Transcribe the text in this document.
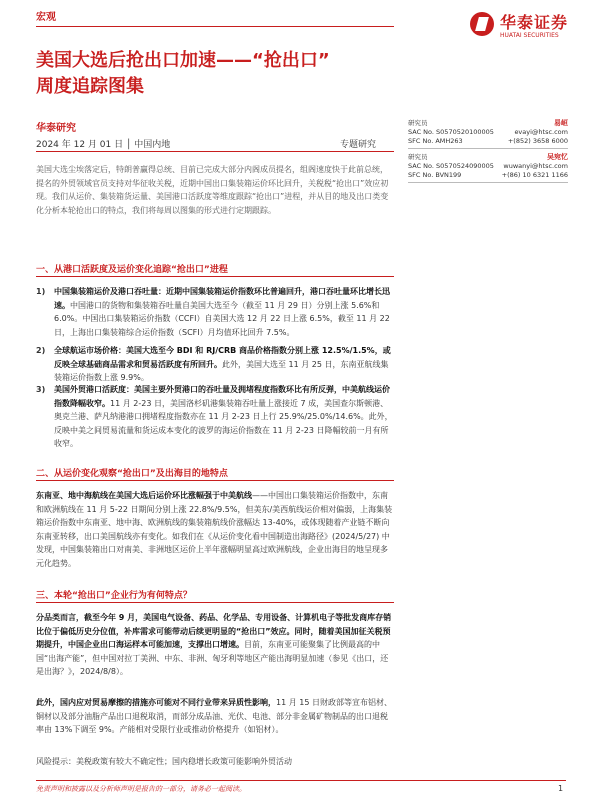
宏观	华泰证券
HUATAI SECURITIES
美国大选后抢出口加速——“抢出口”
周度追踪图集
华泰研究
2024 年 12 月 01 日 │ 中国内地	专题研究
研究员	易峘
SAC No. S0570520100005
SFC No. AMH263
evayi@htsc.com
+(852) 3658 6000
研究员	吴宛忆
SAC No. S0570524090005
SFC No. BVN199
wuwanyi@htsc.com
+(86) 10 6321 1166
美国大选尘埃落定后，特朗普赢得总统、目前已完成大部分内阁成员提名，组阁速度快于此前总统，提名的外贸领域官员支持对华征收关税，近期中国出口集装箱运价环比回升，关税税“抢出口”效应初现。我们从运价、集装箱货运量、美国港口活跃度等维度跟踪“抢出口”进程，并从目的地及出口类变化分析本轮抢出口的特点，我们将每周以图集的形式进行定期跟踪。
一、从港口活跃度及运价变化追踪“抢出口”进程
1) 中国集装箱运价及港口吞吐量：近期中国集装箱运价指数环比普遍回升，港口吞吐量环比增长迅速。中国港口的货物和集装箱吞吐量自美国大选至今（截至 11 月 29 日）分别上涨 5.6%和 6.0%。中国出口集装箱运价指数（CCFI）自美国大选 12 月 22 日上涨 6.5%，截至 11 月 22 日，上海出口集装箱综合运价指数（SCFI）月均值环比回升 7.5%。
2) 全球航运市场价格：美国大选至今 BDI 和 RJ/CRB 商品价格指数分别上涨 12.5%/1.5%，或反映全球基础商品需求和贸易活跃度有所回升。此外，美国大选至 11 月 25 日，东南亚航线集装箱运价指数上涨 9.9%。
3) 美国外贸港口活跃度：美国主要外贸港口的吞吐量及拥堵程度指数环比有所反弹，中美航线运价指数降幅收窄。11 月 2-23 日，美国洛杉矶港集装箱吞吐量上涨接近 7 成，美国查尔斯顿港、奥克兰港、萨凡纳港港口拥堵程度指数亦在 11 月 2-23 日上行 25.9%/25.0%/14.6%。此外，反映中美之间贸易流量和货运成本变化的波罗的海运价指数在 11 月 2-23 日降幅较前一月有所收窄。
二、从运价变化观察“抢出口”及出海目的地特点
东南亚、地中海航线在美国大选后运价环比涨幅强于中美航线——中国出口集装箱运价指数中，东南和欧洲航线在 11 月 5-22 日期间分别上涨 22.8%/9.5%，但美东/美西航线运价相对偏弱，上海集装箱运价指数中东南亚、地中海、欧洲航线的集装箱航线价涨幅达 13-40%，或体现随着产业链不断向东南亚转移，出口美国航线亦有变化。如我们在《从运价变化看中国制造出海路径》(2024/5/27) 中发现，中国集装箱出口对南美、非洲地区运价上半年涨幅明显高过欧洲航线，企业出海目的地呈现多元化趋势。
三、本轮“抢出口”企业行为有何特点？
分品类而言，截至今年 9 月，美国电气设备、药品、化学品、专用设备、计算机电子等批发商库存销比位于偏低历史分位值，补库需求可能带动后续更明显的“抢出口”效应。同时，随着美国加征关税预期提升，中国企业出口海运样本可能加速，支撑出口增速。目前，东南亚可能聚集了比例最高的中国“出海产能”，但中国对拉丁美洲、中东、非洲、匈牙利等地区产能出海明显加速（参见《出口，还是出海？》，2024/8/8）。
此外，国内应对贸易摩擦的措施亦可能对不同行业带来异质性影响，11 月 15 日财政部等宣布铝材、铜材以及部分油脂产品出口退税取消，而部分成品油、光伏、电池、部分非金属矿物制品的出口退税率由 13%下调至 9%。产能相对受限行业或推动价格提升（如铝材）。
风险提示：美税政策有较大不确定性；国内稳增长政策可能影响外贸活动
免责声明和披露以及分析师声明是报告的一部分，请务必一起阅读。	1
